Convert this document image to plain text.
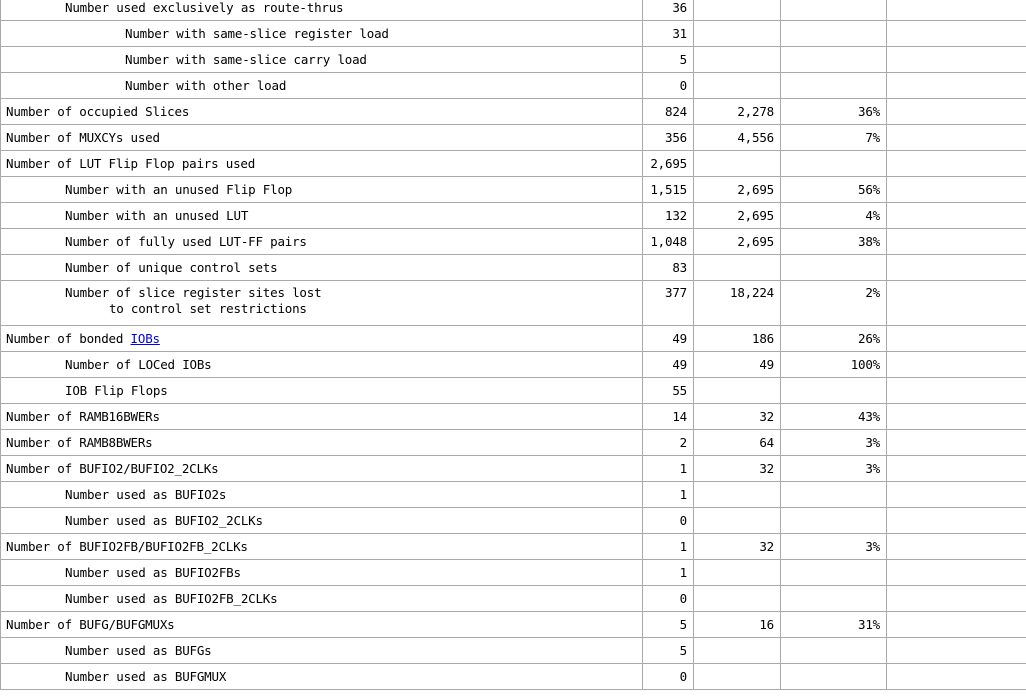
Number used exclusively as route-thrus	36			
Number with same-slice register load	31			
Number with same-slice carry load	5			
Number with other load	0			
Number of occupied Slices	824	2,278	36%	
Number of MUXCYs used	356	4,556	7%	
Number of LUT Flip Flop pairs used	2,695			
Number with an unused Flip Flop	1,515	2,695	56%	
Number with an unused LUT	132	2,695	4%	
Number of fully used LUT-FF pairs	1,048	2,695	38%	
Number of unique control sets	83			
Number of slice register sites lost
to control set restrictions	377	18,224	2%	
Number of bonded IOBs	49	186	26%	
Number of LOCed IOBs	49	49	100%	
IOB Flip Flops	55			
Number of RAMB16BWERs	14	32	43%	
Number of RAMB8BWERs	2	64	3%	
Number of BUFIO2/BUFIO2_2CLKs	1	32	3%	
Number used as BUFIO2s	1			
Number used as BUFIO2_2CLKs	0			
Number of BUFIO2FB/BUFIO2FB_2CLKs	1	32	3%	
Number used as BUFIO2FBs	1			
Number used as BUFIO2FB_2CLKs	0			
Number of BUFG/BUFGMUXs	5	16	31%	
Number used as BUFGs	5			
Number used as BUFGMUX	0			
